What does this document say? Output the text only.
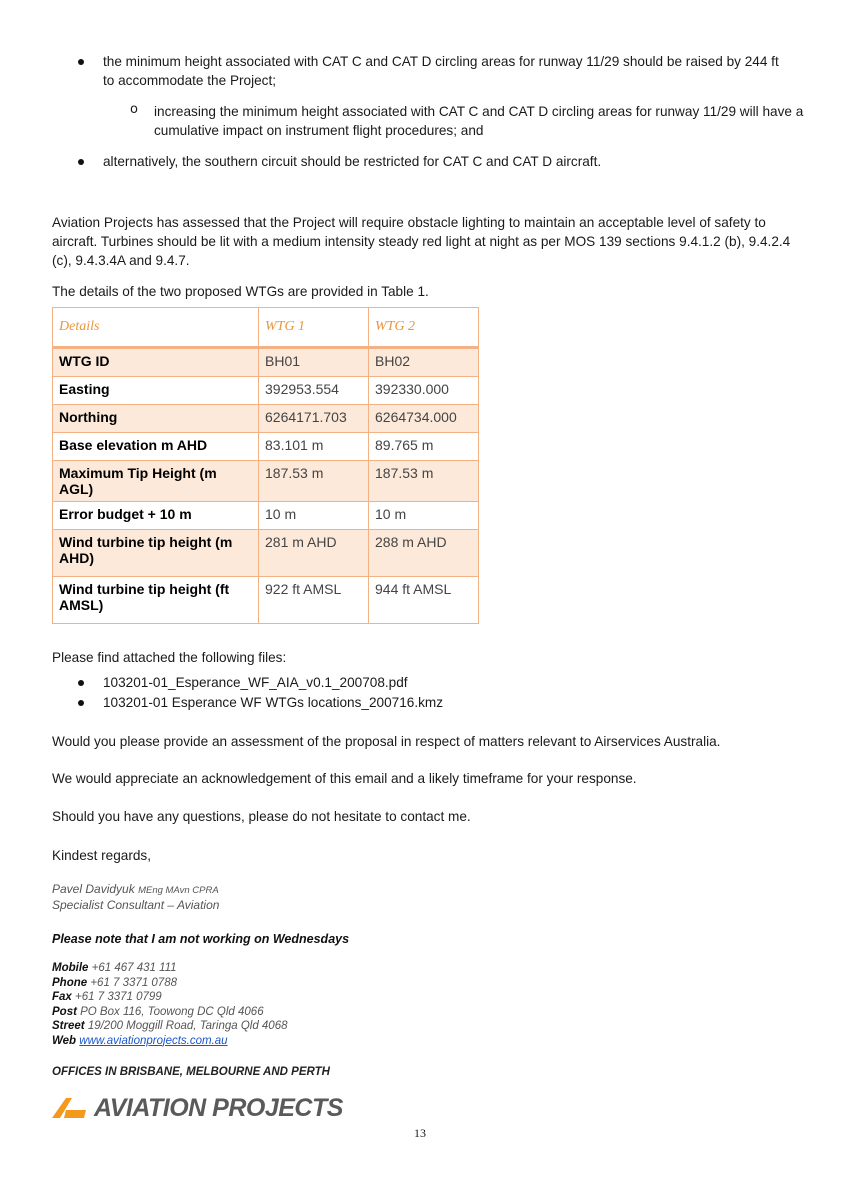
the minimum height associated with CAT C and CAT D circling areas for runway 11/29 should be raised by 244 ft to accommodate the Project;
o increasing the minimum height associated with CAT C and CAT D circling areas for runway 11/29 will have a cumulative impact on instrument flight procedures; and
alternatively, the southern circuit should be restricted for CAT C and CAT D aircraft.
Aviation Projects has assessed that the Project will require obstacle lighting to maintain an acceptable level of safety to aircraft. Turbines should be lit with a medium intensity steady red light at night as per MOS 139 sections 9.4.1.2 (b), 9.4.2.4 (c), 9.4.3.4A and 9.4.7.
The details of the two proposed WTGs are provided in Table 1.
Details	WTG 1	WTG 2
WTG ID	BH01	BH02
Easting	392953.554	392330.000
Northing	6264171.703	6264734.000
Base elevation m AHD	83.101 m	89.765 m
Maximum Tip Height (m AGL)	187.53 m	187.53 m
Error budget + 10 m	10 m	10 m
Wind turbine tip height (m AHD)	281 m AHD	288 m AHD
Wind turbine tip height (ft AMSL)	922 ft AMSL	944 ft AMSL
Please find attached the following files:
103201-01_Esperance_WF_AIA_v0.1_200708.pdf
103201-01 Esperance WF WTGs locations_200716.kmz
Would you please provide an assessment of the proposal in respect of matters relevant to Airservices Australia.
We would appreciate an acknowledgement of this email and a likely timeframe for your response.
Should you have any questions, please do not hesitate to contact me.
Kindest regards,
Pavel Davidyuk MEng MAvn CPRA
Specialist Consultant – Aviation
Please note that I am not working on Wednesdays
Mobile +61 467 431 111
Phone +61 7 3371 0788
Fax +61 7 3371 0799
Post PO Box 116, Toowong DC Qld 4066
Street 19/200 Moggill Road, Taringa Qld 4068
Web www.aviationprojects.com.au
OFFICES IN BRISBANE, MELBOURNE AND PERTH
AVIATION PROJECTS
13
